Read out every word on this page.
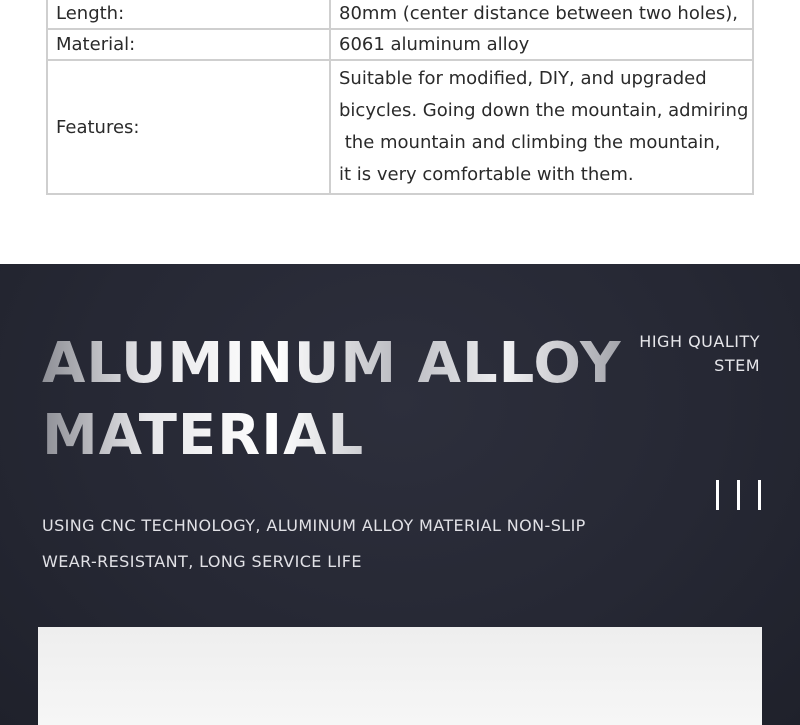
Length:	80mm (center distance between two holes),
Material:	6061 aluminum alloy
Features:	Suitable for modified, DIY, and upgraded
bicycles. Going down the mountain, admiring
the mountain and climbing the mountain,
it is very comfortable with them.
ALUMINUM ALLOY
MATERIAL
HIGH QUALITY
STEM
USING CNC TECHNOLOGY, ALUMINUM ALLOY MATERIAL NON-SLIP
WEAR-RESISTANT, LONG SERVICE LIFE
